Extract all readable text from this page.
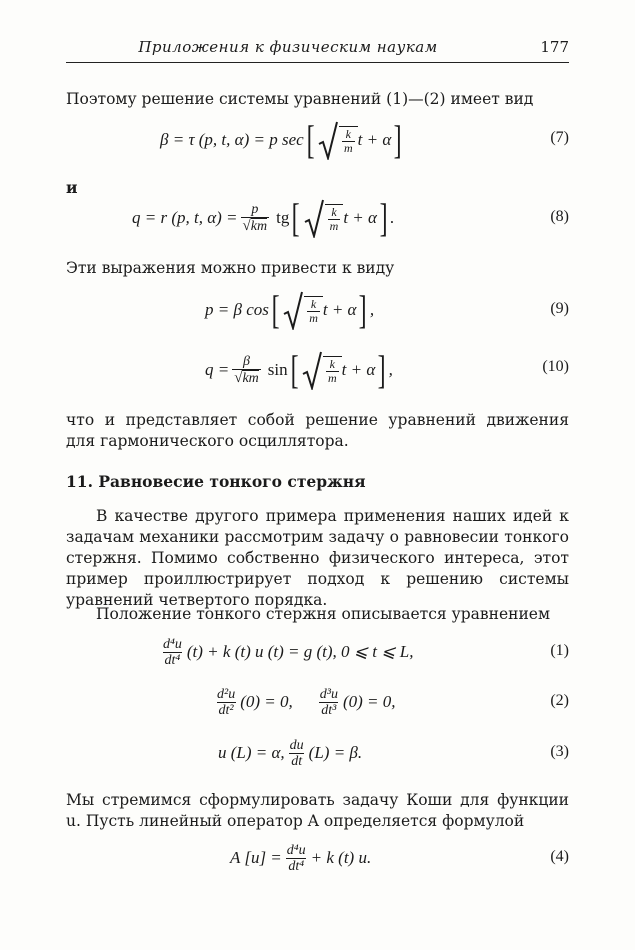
Приложения к физическим наукам	177
Поэтому решение системы уравнений (1)—(2) имеет вид
β = τ (p, t, α) = p sec [ $\frac{k}{m}$ t + α ]	(7)
и
q = r (p, t, $\alpha) = \frac{p}{√ km}$ tg [ $\frac{k}{m}$ t + α ] .	(8)
Эти выражения можно привести к виду
p = β cos [ $\frac{k}{m}$ t + α ] ,	(9)
$q = \frac{\beta}{√ km}$ sin [ $\frac{k}{m}$ t + α ] ,	(10)
что и представляет собой решение уравнений движения для гармонического осциллятора.
11. Равновесие тонкого стержня
В качестве другого примера применения наших идей к задачам механики рассмотрим задачу о равновесии тонкого стержня. Помимо собственно физического интереса, этот пример проиллюстрирует подход к решению системы уравнений четвертого порядка.
Положение тонкого стержня описывается уравнением
$\frac{\text{d⁴u}}{\text{dt⁴}} (t) + k$ (t) u (t) = g (t), 0 ⩽ t ⩽ L,	(1)
$\frac{\text{d²u}}{\text{dt²}} (0) = 0$, $\frac{\text{d³u}}{\text{dt³}} (0) = 0$,	(2)
u (L) = α, $\frac{du}{dt} (L) = \beta$.	(3)
Мы стремимся сформулировать задачу Коши для функции u. Пусть линейный оператор A определяется формулой
A $[u] = \frac{\text{d⁴u}}{\text{dt⁴}} + k$ (t) u.	(4)
